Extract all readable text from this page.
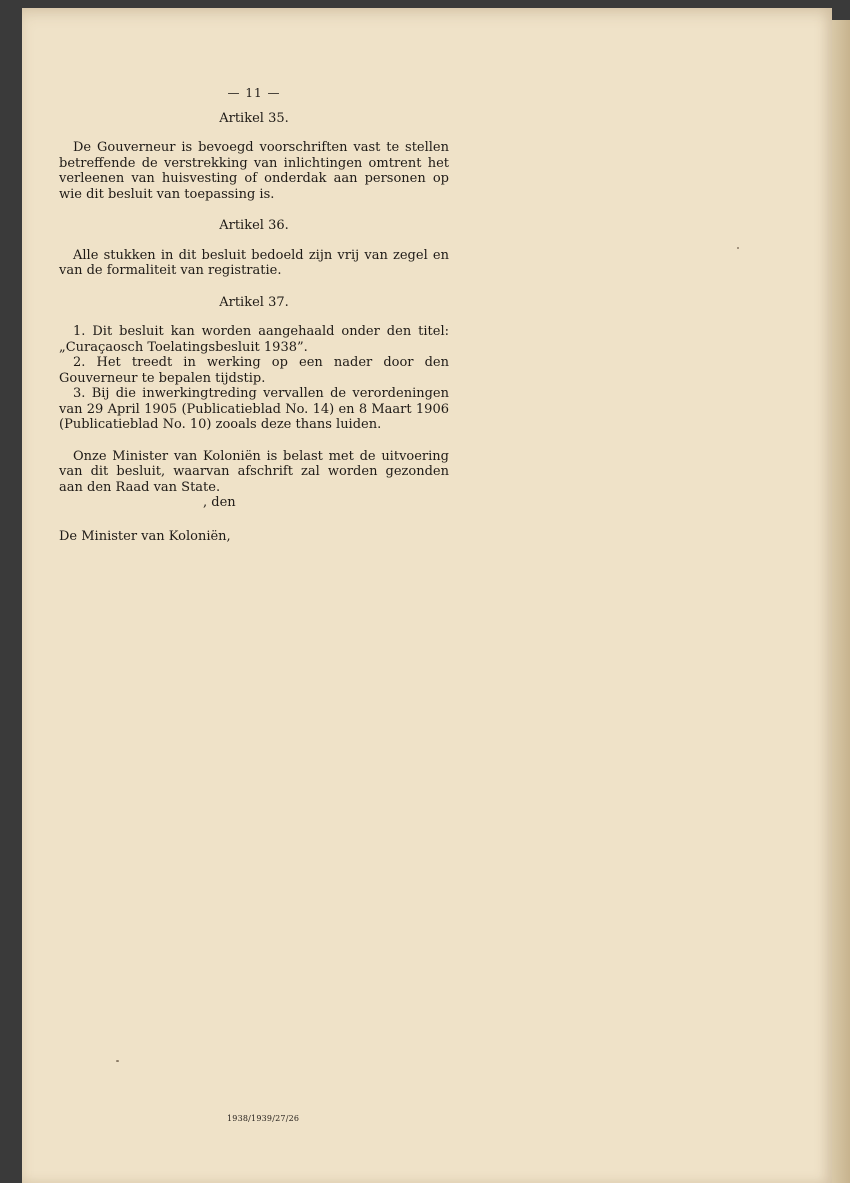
— 11 —

Artikel 35.

De Gouverneur is bevoegd voorschriften vast te stellen betreffende de verstrekking van inlichtingen omtrent het verleenen van huisvesting of onderdak aan personen op wie dit besluit van toepassing is.

Artikel 36.

Alle stukken in dit besluit bedoeld zijn vrij van zegel en van de formaliteit van registratie.

Artikel 37.

1. Dit besluit kan worden aangehaald onder den titel: „Curaçaosch Toelatingsbesluit 1938”.

2. Het treedt in werking op een nader door den Gouverneur te bepalen tijdstip.

3. Bij die inwerkingtreding vervallen de verordeningen van 29 April 1905 (Publicatieblad No. 14) en 8 Maart 1906 (Publicatieblad No. 10) zooals deze thans luiden.

Onze Minister van Koloniën is belast met de uitvoering van dit besluit, waarvan afschrift zal worden gezonden aan den Raad van State.

, den

De Minister van Koloniën,

1938/1939/27/26
